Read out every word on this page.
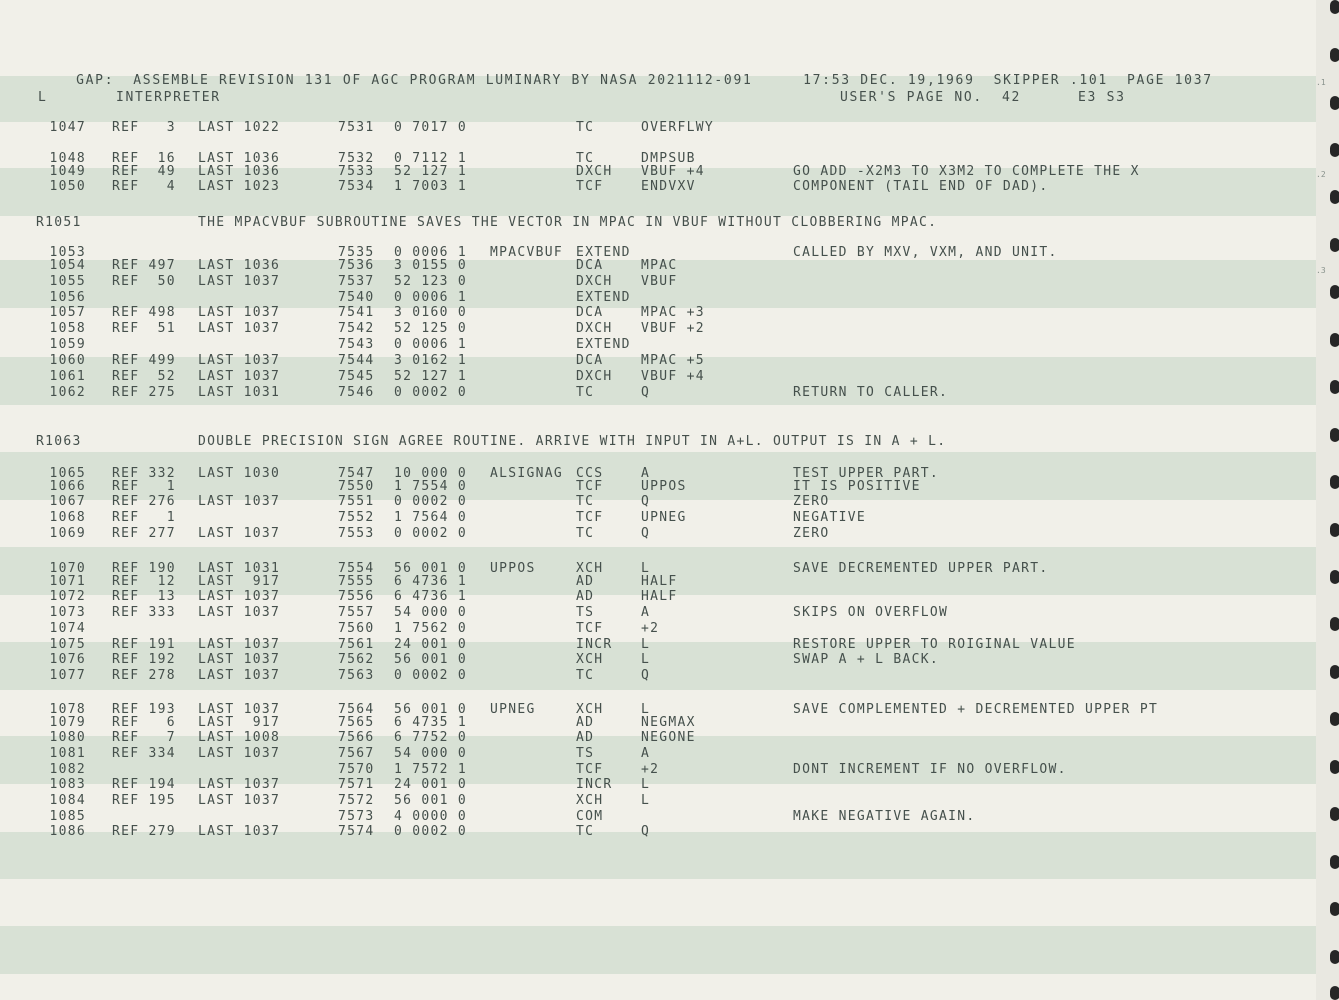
.1
.2
.3

GAP:  ASSEMBLE REVISION 131 OF AGC PROGRAM LUMINARY BY NASA 2021112-091
	17:53 DEC. 19,1969  SKIPPER .101  PAGE 1037

L	INTERPRETER	USER'S PAGE NO.  42	E3 S3
1047 REF   3 LAST 1022	7531 0 7017 0	TC	OVERFLWY
1048 REF  16 LAST 1036	7532 0 7112 1	TC	DMPSUB
1049 REF  49 LAST 1036	7533 52 127 1	DXCH VBUF +4	GO ADD -X2M3 TO X3M2 TO COMPLETE THE X
1050 REF   4 LAST 1023	7534 1 7003 1	TCF	ENDVXV	COMPONENT (TAIL END OF DAD).
1053	7535 0 0006 1 MPACVBUF EXTEND	CALLED BY MXV, VXM, AND UNIT.
1054 REF 497 LAST 1036	7536 3 0155 0	DCA	MPAC
1055 REF  50 LAST 1037	7537 52 123 0	DXCH VBUF
1056	7540 0 0006 1	EXTEND
1057 REF 498 LAST 1037	7541 3 0160 0	DCA	MPAC +3
1058 REF  51 LAST 1037	7542 52 125 0	DXCH VBUF +2
1059	7543 0 0006 1	EXTEND
1060 REF 499 LAST 1037	7544 3 0162 1	DCA	MPAC +5
1061 REF  52 LAST 1037	7545 52 127 1	DXCH VBUF +4
1062 REF 275 LAST 1031	7546 0 0002 0	TC	Q	RETURN TO CALLER.
1065 REF 332 LAST 1030	7547 10 000 0 ALSIGNAG CCS	A	TEST UPPER PART.
1066 REF   1	7550 1 7554 0	TCF	UPPOS	IT IS POSITIVE
1067 REF 276 LAST 1037	7551 0 0002 0	TC	Q	ZERO
1068 REF   1	7552 1 7564 0	TCF	UPNEG	NEGATIVE
1069 REF 277 LAST 1037	7553 0 0002 0	TC	Q	ZERO
1070 REF 190 LAST 1031	7554 56 001 0 UPPOS	XCH	L	SAVE DECREMENTED UPPER PART.
1071 REF  12 LAST  917	7555 6 4736 1	AD	HALF
1072 REF  13 LAST 1037	7556 6 4736 1	AD	HALF
1073 REF 333 LAST 1037	7557 54 000 0	TS	A	SKIPS ON OVERFLOW
1074	7560 1 7562 0	TCF	+2
1075 REF 191 LAST 1037	7561 24 001 0	INCR L	RESTORE UPPER TO ROIGINAL VALUE
1076 REF 192 LAST 1037	7562 56 001 0	XCH	L	SWAP A + L BACK.
1077 REF 278 LAST 1037	7563 0 0002 0	TC	Q
1078 REF 193 LAST 1037	7564 56 001 0 UPNEG	XCH	L	SAVE COMPLEMENTED + DECREMENTED UPPER PT
1079 REF   6 LAST  917	7565 6 4735 1	AD	NEGMAX
1080 REF   7 LAST 1008	7566 6 7752 0	AD	NEGONE
1081 REF 334 LAST 1037	7567 54 000 0	TS	A
1082	7570 1 7572 1	TCF	+2	DONT INCREMENT IF NO OVERFLOW.
1083 REF 194 LAST 1037	7571 24 001 0	INCR L
1084 REF 195 LAST 1037	7572 56 001 0	XCH	L
1085	7573 4 0000 0	COM	MAKE NEGATIVE AGAIN.
1086 REF 279 LAST 1037	7574 0 0002 0	TC	Q
R1051	THE MPACVBUF SUBROUTINE SAVES THE VECTOR IN MPAC IN VBUF WITHOUT CLOBBERING MPAC.
R1063	DOUBLE PRECISION SIGN AGREE ROUTINE. ARRIVE WITH INPUT IN A+L. OUTPUT IS IN A + L.
